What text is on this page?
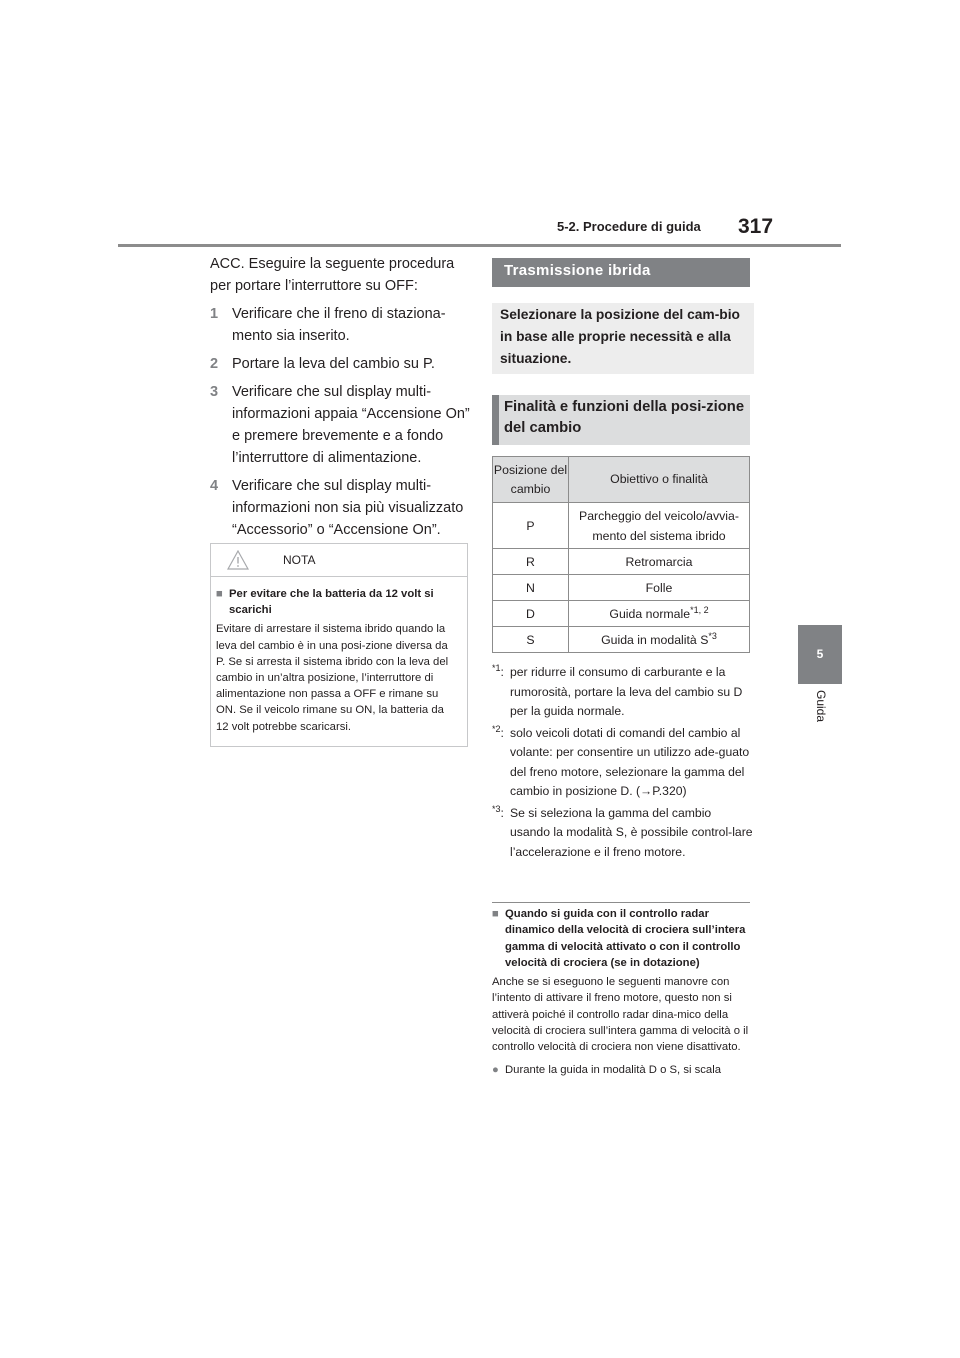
5-2. Procedure di guida 317
5
Guida

ACC. Eseguire la seguente procedura per portare l’interruttore su OFF:

1 Verificare che il freno di staziona-mento sia inserito.
2 Portare la leva del cambio su P.
3 Verificare che sul display multi-informazioni appaia “Accensione On” e premere brevemente e a fondo l’interruttore di alimentazione.
4 Verificare che sul display multi-informazioni non sia più visualizzato “Accessorio” o “Accensione On”.
NOTA
■ Per evitare che la batteria da 12 volt si scarichi

Evitare di arrestare il sistema ibrido quando la leva del cambio è in una posi-zione diversa da P. Se si arresta il sistema ibrido con la leva del cambio in un’altra posizione, l’interruttore di alimentazione non passa a OFF e rimane su ON. Se il veicolo rimane su ON, la batteria da 12 volt potrebbe scaricarsi.

Trasmissione ibrida
Selezionare la posizione del cam-bio in base alle proprie necessità e alla situazione.
Finalità e funzioni della posi-zione del cambio
Posizione del cambio	Obiettivo o finalità
P	Parcheggio del veicolo/avvia-mento del sistema ibrido
R	Retromarcia
N	Folle
D	Guida normale$^{*1, 2}$
S	Guida in modalità $S^{*3}$
$^{*1}$: per ridurre il consumo di carburante e la rumorosità, portare la leva del cambio su D per la guida normale.
$^{*2}$: solo veicoli dotati di comandi del cambio al volante: per consentire un utilizzo ade-guato del freno motore, selezionare la gamma del cambio in posizione D. (→P.320)
$^{*3}$: Se si seleziona la gamma del cambio usando la modalità S, è possibile control-lare l’accelerazione e il freno motore.
■ Quando si guida con il controllo radar dinamico della velocità di crociera sull’intera gamma di velocità attivato o con il controllo velocità di crociera (se in dotazione)

Anche se si eseguono le seguenti manovre con l’intento di attivare il freno motore, questo non si attiverà poiché il controllo radar dina-mico della velocità di crociera sull’intera gamma di velocità o il controllo velocità di crociera non viene disattivato.

● Durante la guida in modalità D o S, si scala
